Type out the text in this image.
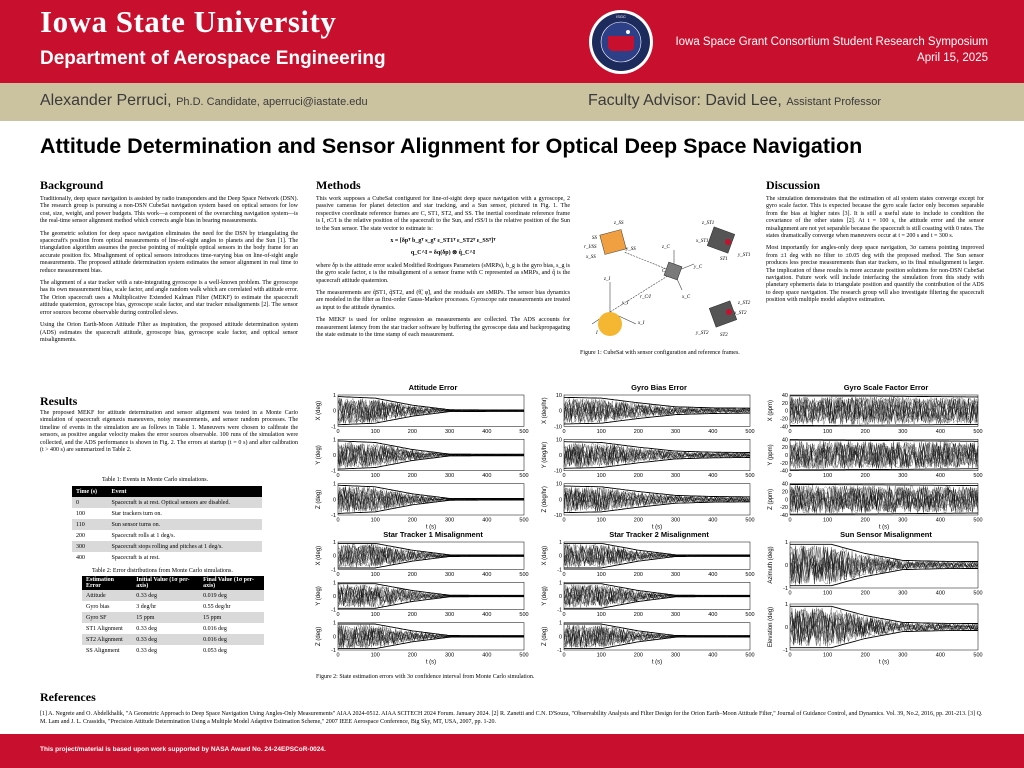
Iowa State University
Department of Aerospace Engineering
ISGC
Iowa Space Grant Consortium Student Research Symposium
April 15, 2025
Alexander Perruci, Ph.D. Candidate, aperruci@iastate.edu	Faculty Advisor: David Lee, Assistant Professor
Attitude Determination and Sensor Alignment for Optical Deep Space Navigation
Background

Traditionally, deep space navigation is assisted by radio transponders and the Deep Space Network (DSN). The research group is pursuing a non-DSN CubeSat navigation system based on optical sensors for low cost, size, weight, and power budgets. This work—a component of the overarching navigation system—is the real-time sensor alignment method which corrects angle bias in bearing measurements.

The geometric solution for deep space navigation eliminates the need for the DSN by triangulating the spacecraft's position from optical measurements of line-of-sight angles to planets and the Sun [1]. The triangulation algorithm assumes the precise pointing of multiple optical sensors in the body frame for an accurate position fix. Misalignment of optical sensors introduces time-varying bias on line-of-sight angle measurements. The proposed attitude determination system estimates the sensor alignment in real time to reduce measurement bias.

The alignment of a star tracker with a rate-integrating gyroscope is a well-known problem. The gyroscope has its own measurement bias, scale factor, and angle random walk which are correlated with attitude error. The Orion spacecraft uses a Multiplicative Extended Kalman Filter (MEKF) to estimate the spacecraft attitude quaternion, gyroscope bias, gyroscope scale factor, and star tracker misalignments [2]. The sensor error sources become observable during controlled slews.

Using the Orion Earth-Moon Attitude Filter as inspiration, the proposed attitude determination system (ADS) estimates the spacecraft attitude, gyroscope bias, gyroscope scale factor, and optical sensor misalignments.

Results

The proposed MEKF for attitude determination and sensor alignment was tested in a Monte Carlo simulation of spacecraft eigenaxis maneuvers, noisy measurements, and sensor random processes. The timeline of events in the simulation are as follows in Table 1. Maneuvers were chosen to calibrate the sensors, as positive angular velocity makes the error sources observable. 100 runs of the simulation were collected, and the ADS performance is shown in Fig. 2. The errors at startup (t = 0 s) and after calibration (t > 400 s) are summarized in Table 2.

Table 1: Events in Monte Carlo simulations.
Time (s)	Event
0	Spacecraft is at rest. Optical sensors are disabled.
100	Star trackers turn on.
110	Sun sensor turns on.
200	Spacecraft rolls at 1 deg/s.
300	Spacecraft stops rolling and pitches at 1 deg/s.
400	Spacecraft is at rest.
Table 2: Error distributions from Monte Carlo simulations.
Estimation Error	Initial Value (1σ per-axis)	Final Value (1σ per-axis)
Attitude	0.33 deg	0.019 deg
Gyro bias	3 deg/hr	0.55 deg/hr
Gyro SF	15 ppm	15 ppm
ST1 Alignment	0.33 deg	0.016 deg
ST2 Alignment	0.33 deg	0.016 deg
SS Alignment	0.33 deg	0.053 deg
Methods

This work supposes a CubeSat configured for line-of-sight deep space navigation with a gyroscope, 2 passive cameras for planet detection and star tracking, and a Sun sensor, pictured in Fig. 1. The respective coordinate reference frames are C, ST1, ST2, and SS. The inertial coordinate reference frame is I, rC/I is the relative position of the spacecraft to the Sun, and rSS/I is the relative position of the Sun to the Sun sensor. The state vector to estimate is:

x = [δpᵀ b_gᵀ s_gᵀ ε_ST1ᵀ ε_ST2ᵀ ε_SSᵀ]ᵀ

q_C^I = δq(δp) ⊗ q̂_C^I

where δp is the attitude error scaled Modified Rodrigues Parameters (sMRPs), b_g is the gyro bias, s_g is the gyro scale factor, ε is the misalignment of a sensor frame with C represented as sMRPs, and q̂ is the spacecraft attitude quaternion.

The measurements are q̃ST1, q̃ST2, and (θ̃, φ̃), and the residuals are sMRPs. The sensor bias dynamics are modeled in the filter as first-order Gauss-Markov processes. Gyroscope rate measurements are treated as input to the attitude dynamics.

The MEKF is used for online regression as measurements are collected. The ADS accounts for measurement latency from the star tracker software by buffering the gyroscope data and backpropagating the state estimate to the time stamp of each measurement.

z_SS
SS
x_SS
y_SS
r_I/SS
z_ST1
x_ST1
ST1
y_ST1
z_C
C
y_C
x_C
r_C/I
z_I
y_I
x_I
I
z_ST2
x_ST2
y_ST2 ST2
Figure 1: CubeSat with sensor configuration and reference frames.
Discussion

The simulation demonstrates that the estimation of all system states converge except for gyro scale factor. This is expected because the gyro scale factor only becomes separable from the bias at higher rates [3]. It is still a useful state to include to condition the covariance of the other states [2]. At t = 100 s, the attitude error and the sensor misalignment are not yet separable because the spacecraft is still coasting with 0 rates. The states dramatically converge when maneuvers occur at t = 200 s and t = 300 s.

Most importantly for angles-only deep space navigation, 3σ camera pointing improved from ±1 deg with no filter to ±0.05 deg with the proposed method. The Sun sensor produces less precise measurements than star trackers, so its final misalignment is larger. The implication of these results is more accurate position solutions for non-DSN CubeSat navigation. Future work will include interfacing the simulation from this study with planetary ephemeris data to triangulate position and quantify the contribution of the ADS to deep space navigation. The research group will also investigate filtering the spacecraft position with multiple model adaptive estimation.

Attitude Error
-1
0
1
X (deg)
0	100	200	300	400	500
-1
0
1
Y (deg)
0	100	200	300	400	500
-1
0
1
Z (deg)
0	100	200	300	400	500
t (s)
Gyro Bias Error
-10
0
10
X (deg/hr)
0	100	200	300	400	500
-10
0
10
Y (deg/hr)
0	100	200	300	400	500
-10
0
10
Z (deg/hr)
0	100	200	300	400	500
t (s)
Gyro Scale Factor Error
-40
-20
0
20
40
X (ppm)
0	100	200	300	400	500
-40
-20
0
20
40
Y (ppm)
0	100	200	300	400	500
-40
-20
0
20
40
Z (ppm)
0	100	200	300	400	500
t (s)
Star Tracker 1 Misalignment
-1
0
1
X (deg)
0	100	200	300	400	500
-1
0
1
Y (deg)
0	100	200	300	400	500
-1
0
1
Z (deg)
0	100	200	300	400	500
t (s)
Star Tracker 2 Misalignment
-1
0
1
X (deg)
0	100	200	300	400	500
-1
0
1
Y (deg)
0	100	200	300	400	500
-1
0
1
Z (deg)
0	100	200	300	400	500
t (s)
Sun Sensor Misalignment
-1
0
1
Azimuth (deg)
0	100	200	300	400	500
-1
0
1
Elevation (deg)
0	100	200	300	400	500
t (s)
Figure 2: State estimation errors with 3σ confidence interval from Monte Carlo simulation.
References
[1] A. Negrete and O. Abdelkhalik, "A Geometric Approach to Deep Space Navigation Using Angles-Only Measurements" AIAA 2024-0512. AIAA SCITECH 2024 Forum. January 2024. [2] R. Zanetti and C.N. D'Souza, "Observability Analysis and Filter Design for the Orion Earth–Moon Attitude Filter," Journal of Guidance Control, and Dynamics. Vol. 39, No.2, 2016, pp. 201-213. [3] Q. M. Lam and J. L. Crassidis, "Precision Attitude Determination Using a Multiple Model Adaptive Estimation Scheme," 2007 IEEE Aerospace Conference, Big Sky, MT, USA, 2007, pp. 1-20.
This project/material is based upon work supported by NASA Award No. 24-24EPSCoR-0024.
